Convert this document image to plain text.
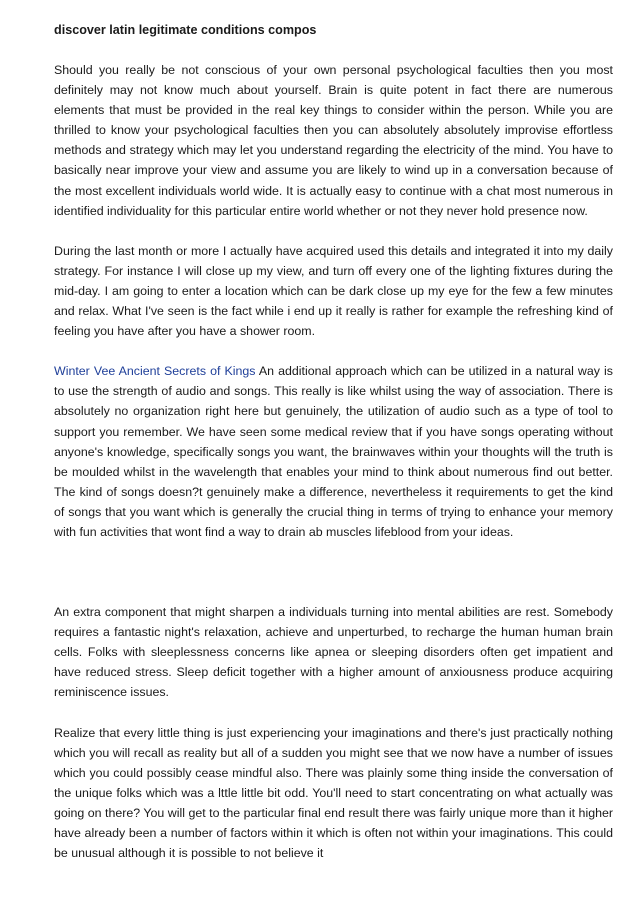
discover latin legitimate conditions compos

Should you really be not conscious of your own personal psychological faculties then you most definitely may not know much about yourself. Brain is quite potent in fact there are numerous elements that must be provided in the real key things to consider within the person. While you are thrilled to know your psychological faculties then you can absolutely absolutely improvise effortless methods and strategy which may let you understand regarding the electricity of the mind. You have to basically near improve your view and assume you are likely to wind up in a conversation because of the most excellent individuals world wide. It is actually easy to continue with a chat most numerous in identified individuality for this particular entire world whether or not they never hold presence now.

During the last month or more I actually have acquired used this details and integrated it into my daily strategy. For instance I will close up my view, and turn off every one of the lighting fixtures during the mid-day. I am going to enter a location which can be dark close up my eye for the few a few minutes and relax. What I've seen is the fact while i end up it really is rather for example the refreshing kind of feeling you have after you have a shower room.

Winter Vee Ancient Secrets of Kings An additional approach which can be utilized in a natural way is to use the strength of audio and songs. This really is like whilst using the way of association. There is absolutely no organization right here but genuinely, the utilization of audio such as a type of tool to support you remember. We have seen some medical review that if you have songs operating without anyone's knowledge, specifically songs you want, the brainwaves within your thoughts will the truth is be moulded whilst in the wavelength that enables your mind to think about numerous find out better. The kind of songs doesn?t genuinely make a difference, nevertheless it requirements to get the kind of songs that you want which is generally the crucial thing in terms of trying to enhance your memory with fun activities that wont find a way to drain ab muscles lifeblood from your ideas.

An extra component that might sharpen a individuals turning into mental abilities are rest. Somebody requires a fantastic night's relaxation, achieve and unperturbed, to recharge the human human brain cells. Folks with sleeplessness concerns like apnea or sleeping disorders often get impatient and have reduced stress. Sleep deficit together with a higher amount of anxiousness produce acquiring reminiscence issues.

Realize that every little thing is just experiencing your imaginations and there's just practically nothing which you will recall as reality but all of a sudden you might see that we now have a number of issues which you could possibly cease mindful also. There was plainly some thing inside the conversation of the unique folks which was a lttle little bit odd. You'll need to start concentrating on what actually was going on there? You will get to the particular final end result there was fairly unique more than it higher have already been a number of factors within it which is often not within your imaginations. This could be unusual although it is possible to not believe it
